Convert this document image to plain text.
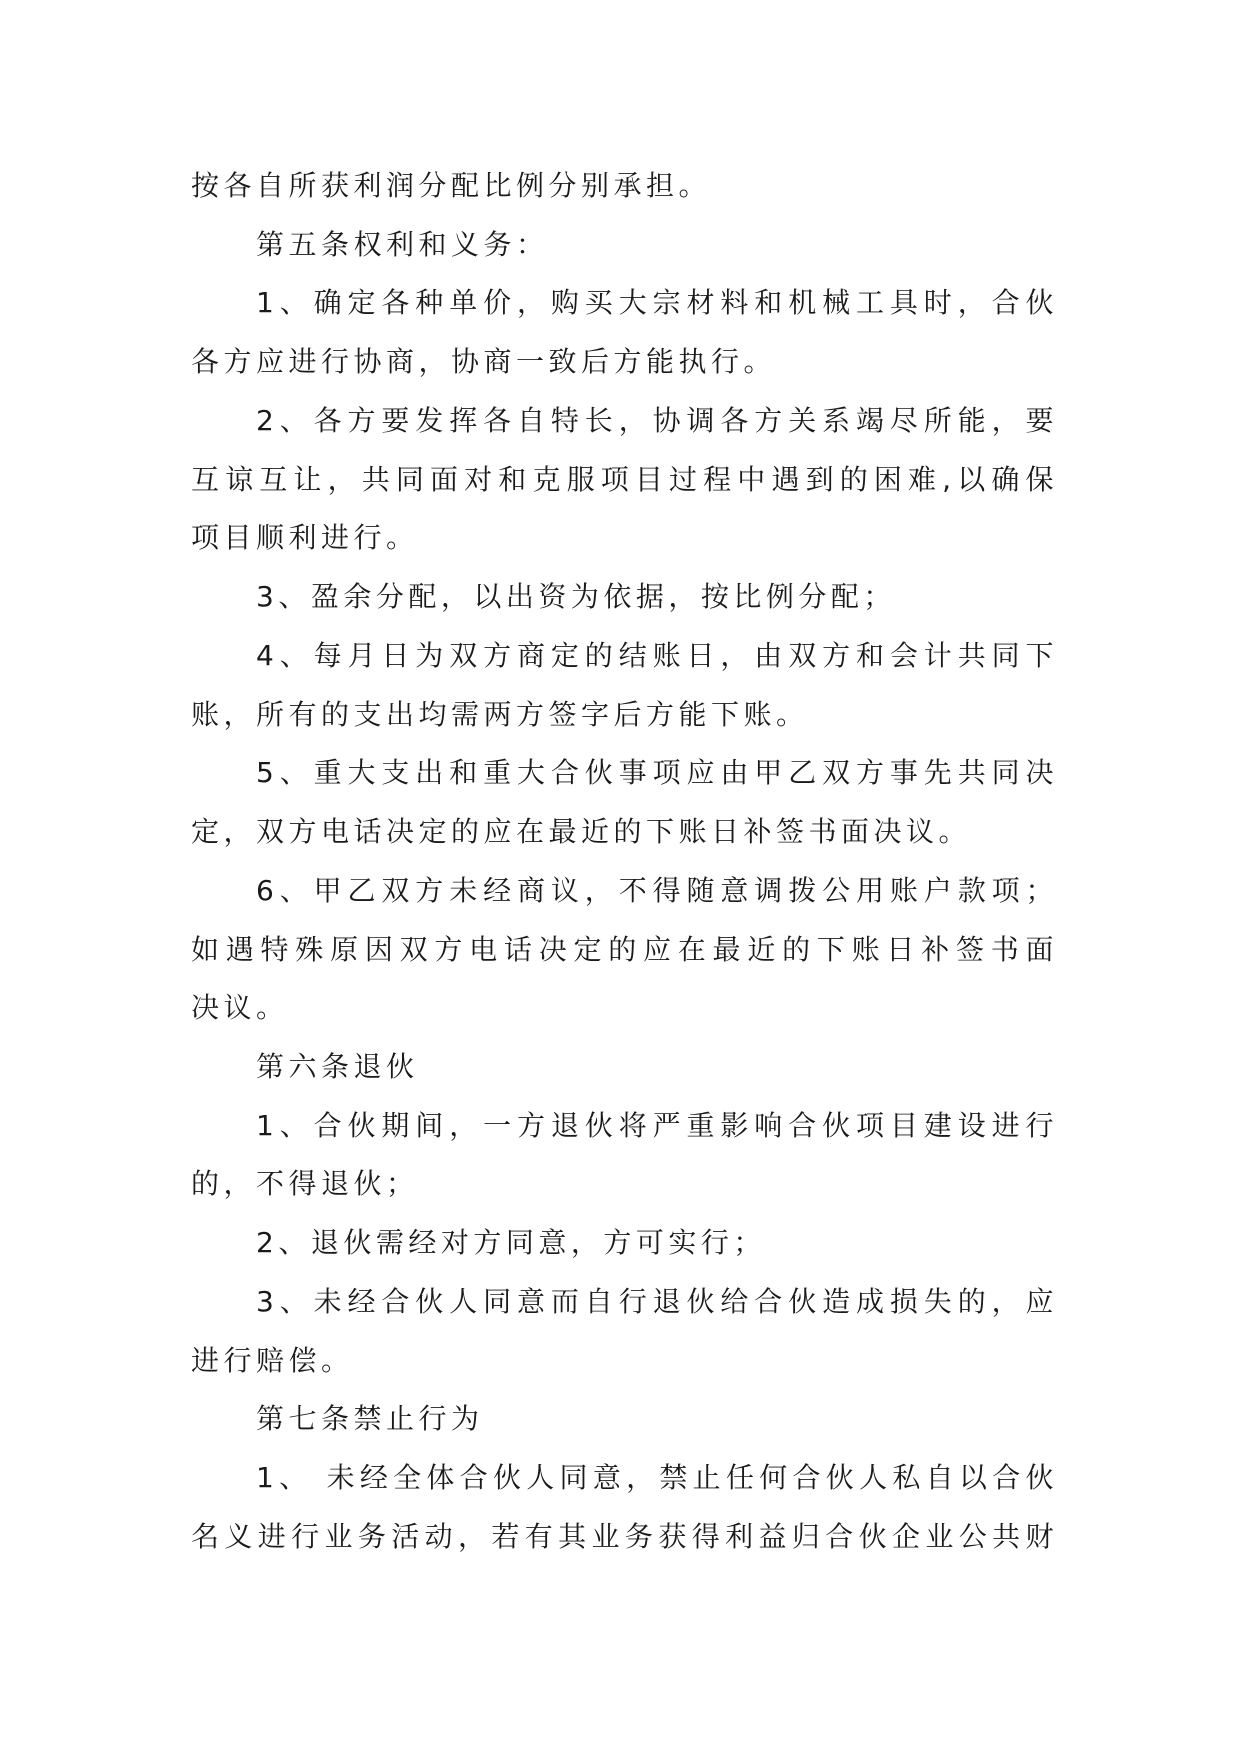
按各自所获利润分配比例分别承担。
第五条权利和义务：
1、确定各种单价，购买大宗材料和机械工具时，合伙
各方应进行协商，协商一致后方能执行。
2、各方要发挥各自特长，协调各方关系竭尽所能，要
互谅互让，共同面对和克服项目过程中遇到的困难,以确保
项目顺利进行。
3、盈余分配，以出资为依据，按比例分配；
4、每月日为双方商定的结账日，由双方和会计共同下
账，所有的支出均需两方签字后方能下账。
5、重大支出和重大合伙事项应由甲乙双方事先共同决
定，双方电话决定的应在最近的下账日补签书面决议。
6、甲乙双方未经商议，不得随意调拨公用账户款项；
如遇特殊原因双方电话决定的应在最近的下账日补签书面
决议。
第六条退伙
1、合伙期间，一方退伙将严重影响合伙项目建设进行
的，不得退伙；
2、退伙需经对方同意，方可实行；
3、未经合伙人同意而自行退伙给合伙造成损失的，应
进行赔偿。
第七条禁止行为
1、 未经全体合伙人同意，禁止任何合伙人私自以合伙
名义进行业务活动，若有其业务获得利益归合伙企业公共财
